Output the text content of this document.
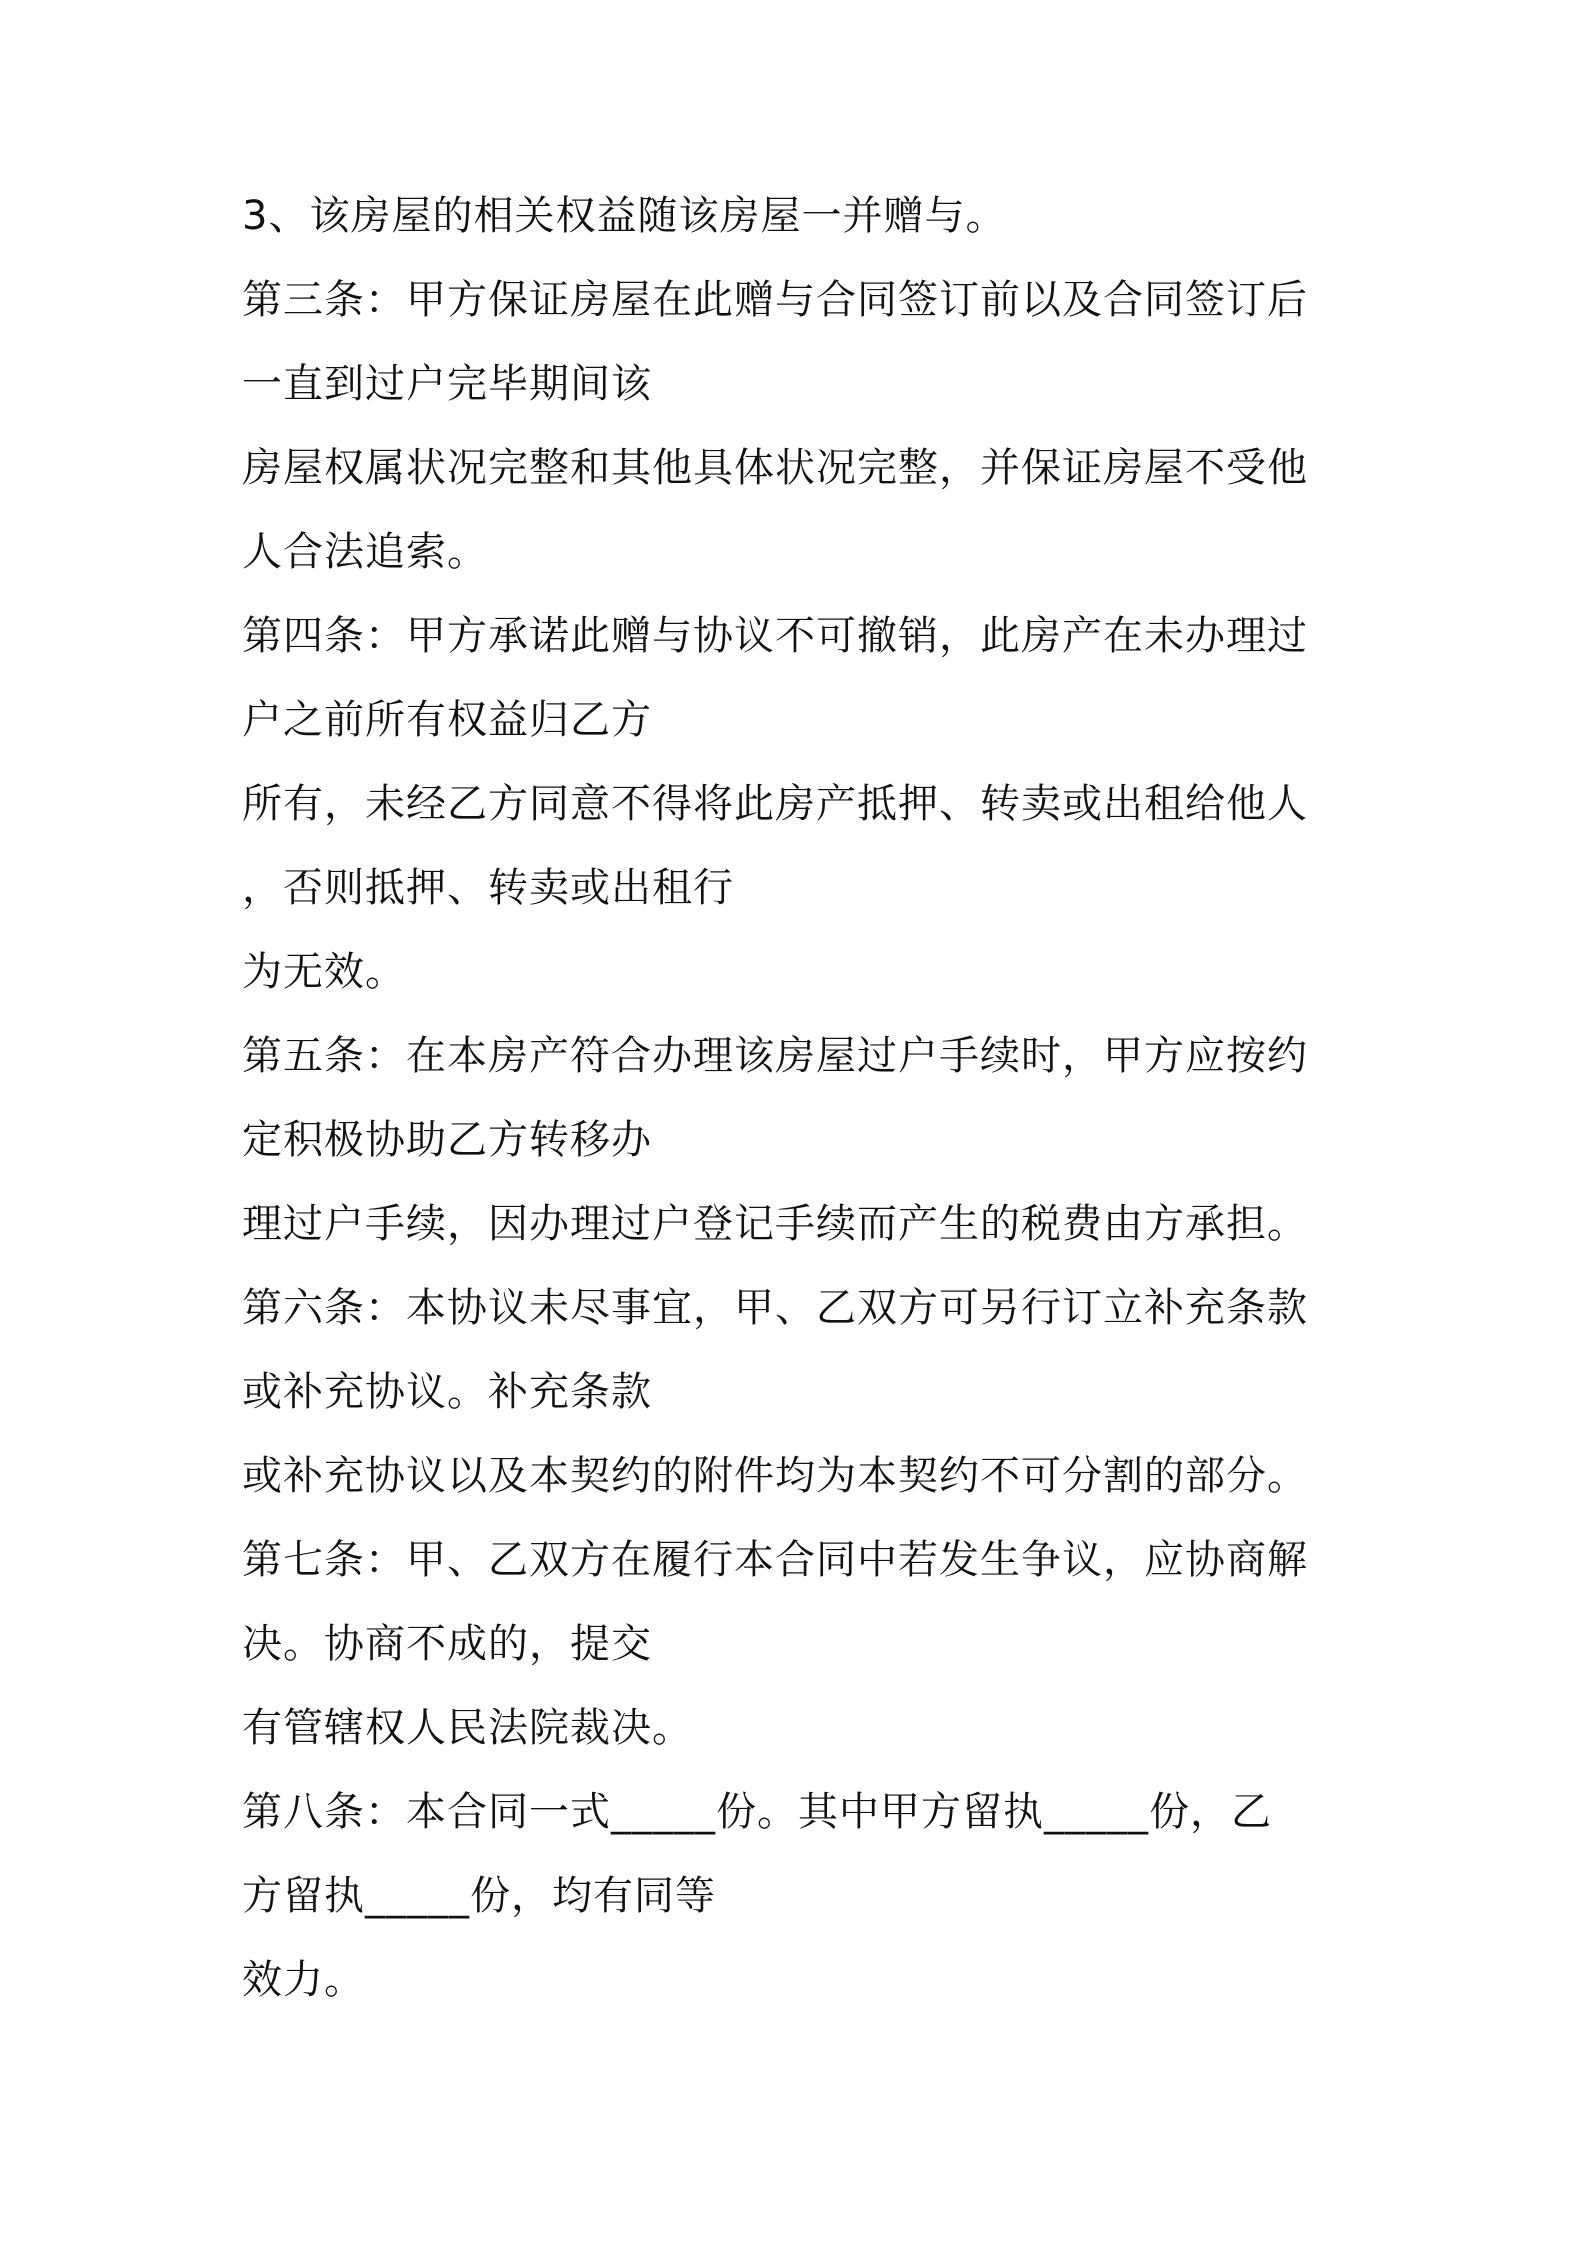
3、该房屋的相关权益随该房屋一并赠与。

第三条：甲方保证房屋在此赠与合同签订前以及合同签订后

一直到过户完毕期间该

房屋权属状况完整和其他具体状况完整，并保证房屋不受他

人合法追索。

第四条：甲方承诺此赠与协议不可撤销，此房产在未办理过

户之前所有权益归乙方

所有，未经乙方同意不得将此房产抵押、转卖或出租给他人

，否则抵押、转卖或出租行

为无效。

第五条：在本房产符合办理该房屋过户手续时，甲方应按约

定积极协助乙方转移办

理过户手续，因办理过户登记手续而产生的税费由方承担。

第六条：本协议未尽事宜，甲、乙双方可另行订立补充条款

或补充协议。补充条款

或补充协议以及本契约的附件均为本契约不可分割的部分。

第七条：甲、乙双方在履行本合同中若发生争议，应协商解

决。协商不成的，提交

有管辖权人民法院裁决。

第八条：本合同一式_____份。其中甲方留执_____份，乙

方留执_____份，均有同等

效力。
